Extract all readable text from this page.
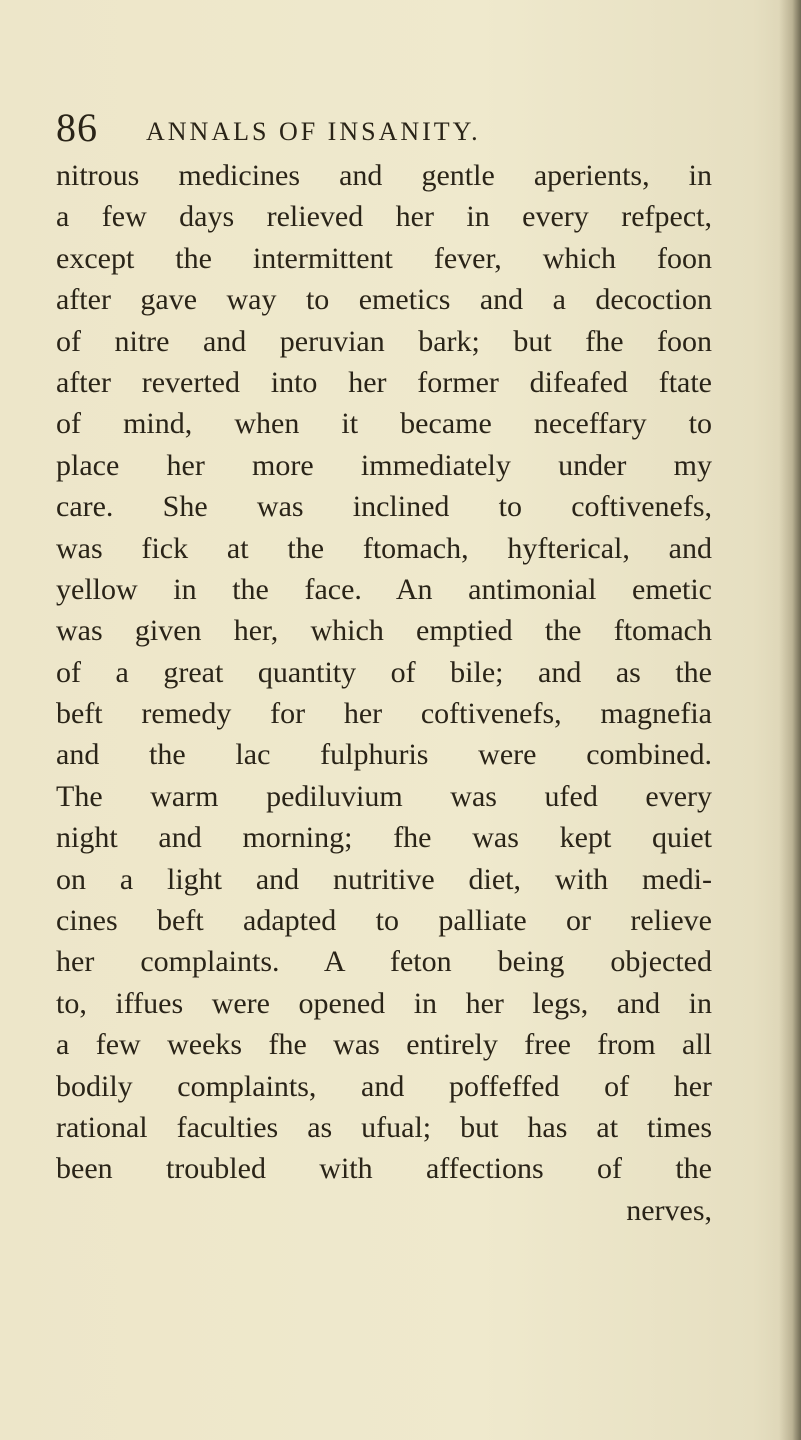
86 ANNALS OF INSANITY.
nitrous medicines and gentle aperients, in
a few days relieved her in every refpect,
except the intermittent fever, which foon
after gave way to emetics and a decoction
of nitre and peruvian bark; but fhe foon
after reverted into her former difeafed ftate
of mind, when it became neceffary to
place her more immediately under my
care. She was inclined to coftivenefs,
was fick at the ftomach, hyfterical, and
yellow in the face. An antimonial emetic
was given her, which emptied the ftomach
of a great quantity of bile; and as the
beft remedy for her coftivenefs, magnefia
and the lac fulphuris were combined.
The warm pediluvium was ufed every
night and morning; fhe was kept quiet
on a light and nutritive diet, with medi-
cines beft adapted to palliate or relieve
her complaints. A feton being objected
to, iffues were opened in her legs, and in
a few weeks fhe was entirely free from all
bodily complaints, and poffeffed of her
rational faculties as ufual; but has at times
been troubled with affections of the
nerves,
